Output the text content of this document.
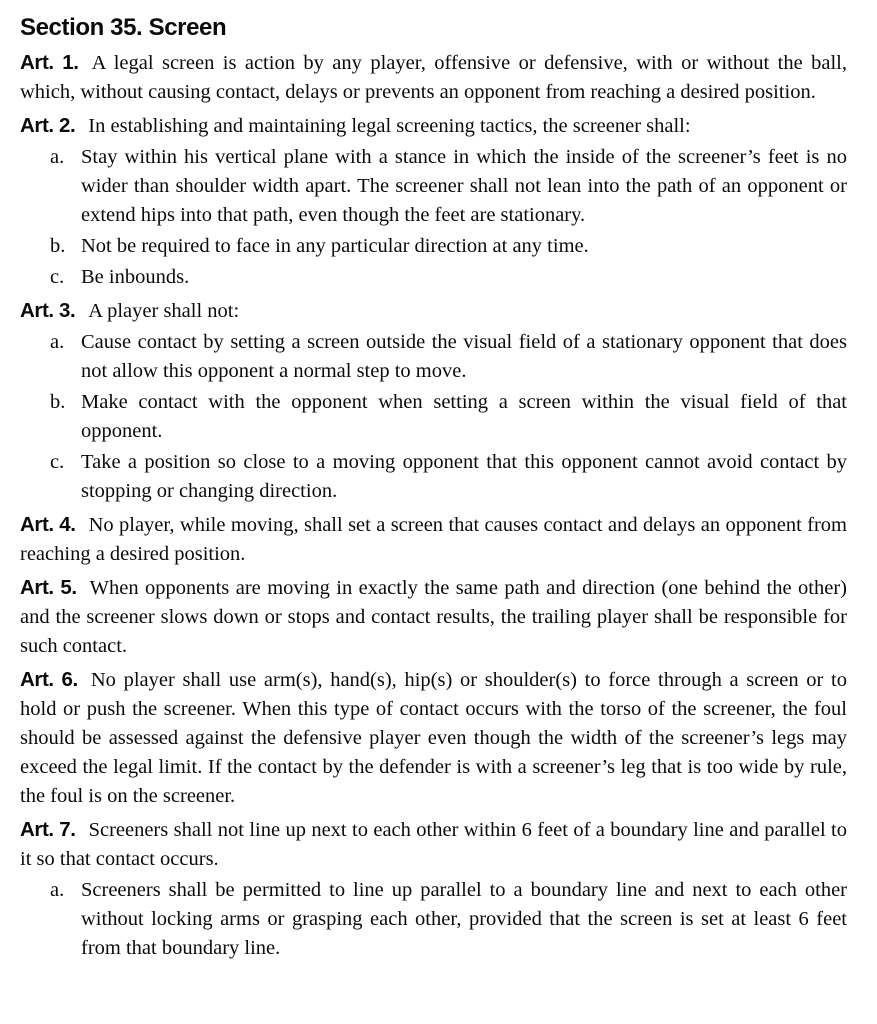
Section 35. Screen

Art. 1. A legal screen is action by any player, offensive or defensive, with or without the ball, which, without causing contact, delays or prevents an opponent from reaching a desired position.

Art. 2. In establishing and maintaining legal screening tactics, the screener shall:

a. Stay within his vertical plane with a stance in which the inside of the screener’s feet is no wider than shoulder width apart. The screener shall not lean into the path of an opponent or extend hips into that path, even though the feet are stationary.
b. Not be required to face in any particular direction at any time.
c. Be inbounds.

Art. 3. A player shall not:

a. Cause contact by setting a screen outside the visual field of a stationary opponent that does not allow this opponent a normal step to move.
b. Make contact with the opponent when setting a screen within the visual field of that opponent.
c. Take a position so close to a moving opponent that this opponent cannot avoid contact by stopping or changing direction.

Art. 4. No player, while moving, shall set a screen that causes contact and delays an opponent from reaching a desired position.

Art. 5. When opponents are moving in exactly the same path and direction (one behind the other) and the screener slows down or stops and contact results, the trailing player shall be responsible for such contact.

Art. 6. No player shall use arm(s), hand(s), hip(s) or shoulder(s) to force through a screen or to hold or push the screener. When this type of contact occurs with the torso of the screener, the foul should be assessed against the defensive player even though the width of the screener’s legs may exceed the legal limit. If the contact by the defender is with a screener’s leg that is too wide by rule, the foul is on the screener.

Art. 7. Screeners shall not line up next to each other within 6 feet of a boundary line and parallel to it so that contact occurs.

a. Screeners shall be permitted to line up parallel to a boundary line and next to each other without locking arms or grasping each other, provided that the screen is set at least 6 feet from that boundary line.
